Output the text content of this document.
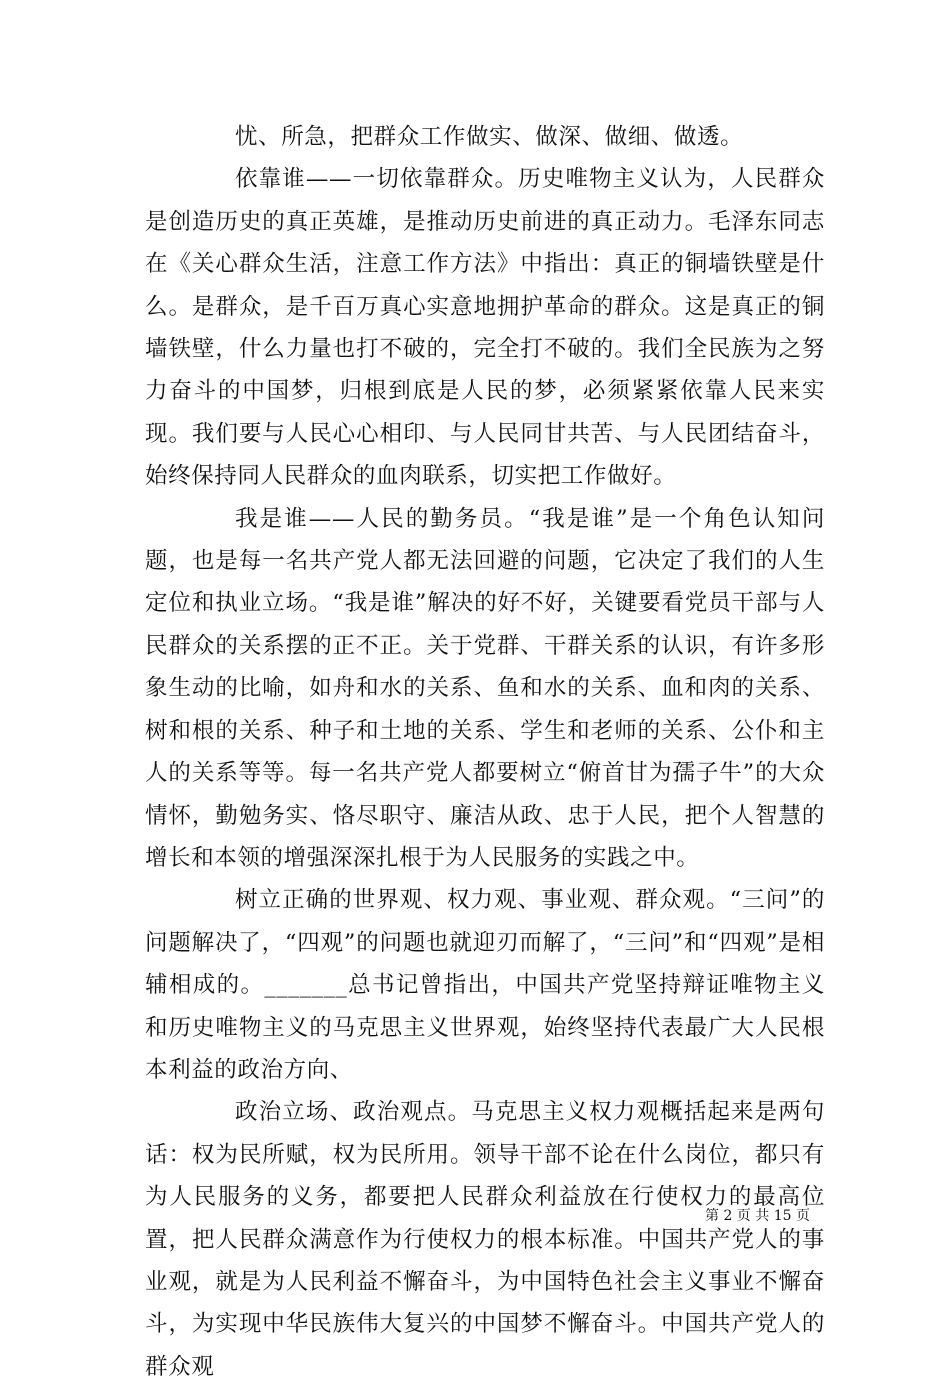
忧、所急，把群众工作做实、做深、做细、做透。

依靠谁——一切依靠群众。历史唯物主义认为，人民群众是创造历史的真正英雄，是推动历史前进的真正动力。毛泽东同志在《关心群众生活，注意工作方法》中指出：真正的铜墙铁壁是什么。是群众，是千百万真心实意地拥护革命的群众。这是真正的铜墙铁壁，什么力量也打不破的，完全打不破的。我们全民族为之努力奋斗的中国梦，归根到底是人民的梦，必须紧紧依靠人民来实现。我们要与人民心心相印、与人民同甘共苦、与人民团结奋斗，始终保持同人民群众的血肉联系，切实把工作做好。

我是谁——人民的勤务员。“我是谁”是一个角色认知问题，也是每一名共产党人都无法回避的问题，它决定了我们的人生定位和执业立场。“我是谁”解决的好不好，关键要看党员干部与人民群众的关系摆的正不正。关于党群、干群关系的认识，有许多形象生动的比喻，如舟和水的关系、鱼和水的关系、血和肉的关系、树和根的关系、种子和土地的关系、学生和老师的关系、公仆和主人的关系等等。每一名共产党人都要树立“俯首甘为孺子牛”的大众情怀，勤勉务实、恪尽职守、廉洁从政、忠于人民，把个人智慧的增长和本领的增强深深扎根于为人民服务的实践之中。

树立正确的世界观、权力观、事业观、群众观。“三问”的问题解决了，“四观”的问题也就迎刃而解了，“三问”和“四观”是相辅相成的。_______总书记曾指出，中国共产党坚持辩证唯物主义和历史唯物主义的马克思主义世界观，始终坚持代表最广大人民根本利益的政治方向、

政治立场、政治观点。马克思主义权力观概括起来是两句话：权为民所赋，权为民所用。领导干部不论在什么岗位，都只有为人民服务的义务，都要把人民群众利益放在行使权力的最高位置，把人民群众满意作为行使权力的根本标准。中国共产党人的事业观，就是为人民利益不懈奋斗，为中国特色社会主义事业不懈奋斗，为实现中华民族伟大复兴的中国梦不懈奋斗。中国共产党人的群众观

第 2 页 共 15 页
